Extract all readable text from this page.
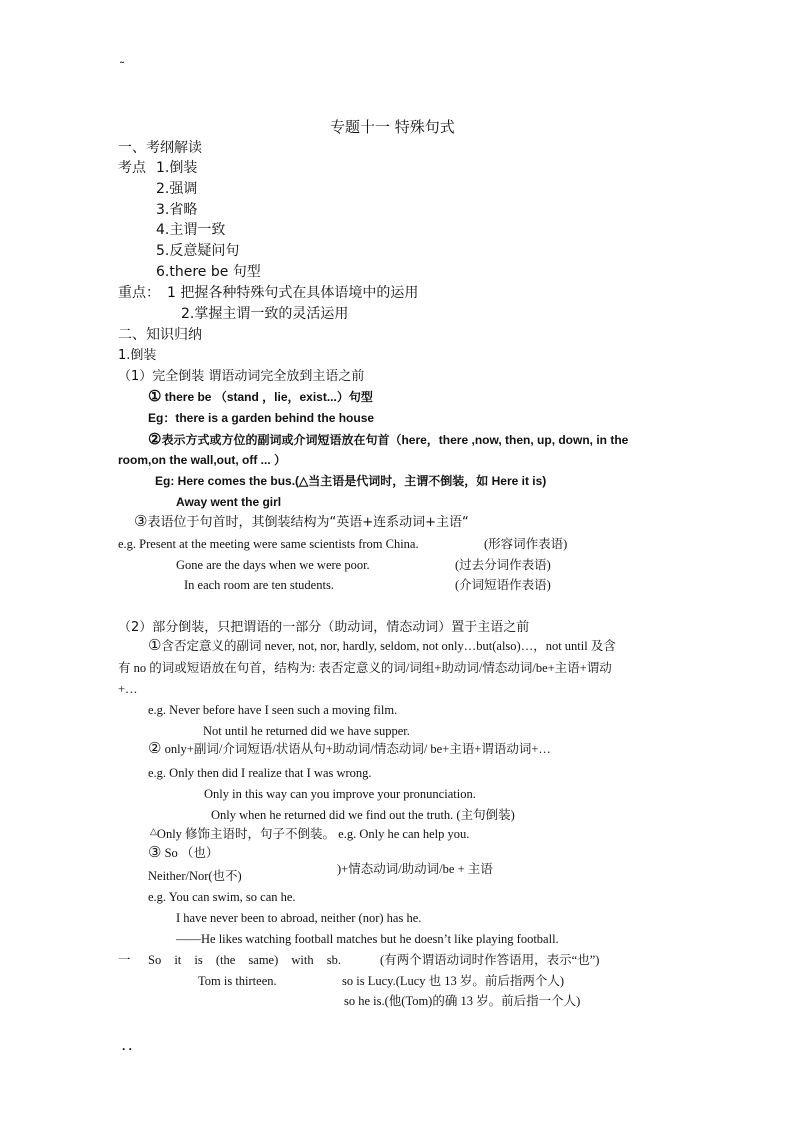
˜
专题十一 特殊句式
一、考纲解读
考点 1.倒装
2.强调
3.省略
4.主谓一致
5.反意疑问句
6.there be 句型
重点： 1 把握各种特殊句式在具体语境中的运用
2.掌握主谓一致的灵活运用
二、知识归纳
1.倒装
（1）完全倒装 谓语动词完全放到主语之前
① there be （stand ，lie，exist...）句型
Eg：there is a garden behind the house
②表示方式或方位的副词或介词短语放在句首（here，there ,now, then, up, down, in the
room,on the wall,out, off ... ）
Eg: Here comes the bus.(△当主语是代词时，主谓不倒装，如 Here it is)
Away went the girl
③表语位于句首时，其倒装结构为“英语+连系动词+主语“
e.g. Present at the meeting were same scientists from China.	(形容词作表语)
Gone are the days when we were poor.	(过去分词作表语)
In each room are ten students.	(介词短语作表语)
（2）部分倒装，只把谓语的一部分（助动词，情态动词）置于主语之前
①含否定意义的副词 never, not, nor, hardly, seldom, not only…but(also)…，not until 及含
有 no 的词或短语放在句首，结构为: 表否定意义的词/词组+助动词/情态动词/be+主语+谓动
+…
e.g. Never before have I seen such a moving film.
Not until he returned did we have supper.
② only+副词/介词短语/状语从句+助动词/情态动词/ be+主语+谓语动词+…
e.g. Only then did I realize that I was wrong.
Only in this way can you improve your pronunciation.
Only when he returned did we find out the truth. (主句倒装)
△Only 修饰主语时，句子不倒装。 e.g. Only he can help you.
③ So （也）
Neither/Nor(也不)	)+情态动词/助动词/be + 主语
e.g. You can swim, so can he.
I have never been to abroad, neither (nor) has he.
——He likes watching football matches but he doesn’t like playing football.
一 So it is (the same) with sb.	(有两个谓语动词时作答语用，表示“也”)
Tom is thirteen.	so is Lucy.(Lucy 也 13 岁。前后指两个人)
so he is.(他(Tom)的确 13 岁。前后指一个人)
. .
